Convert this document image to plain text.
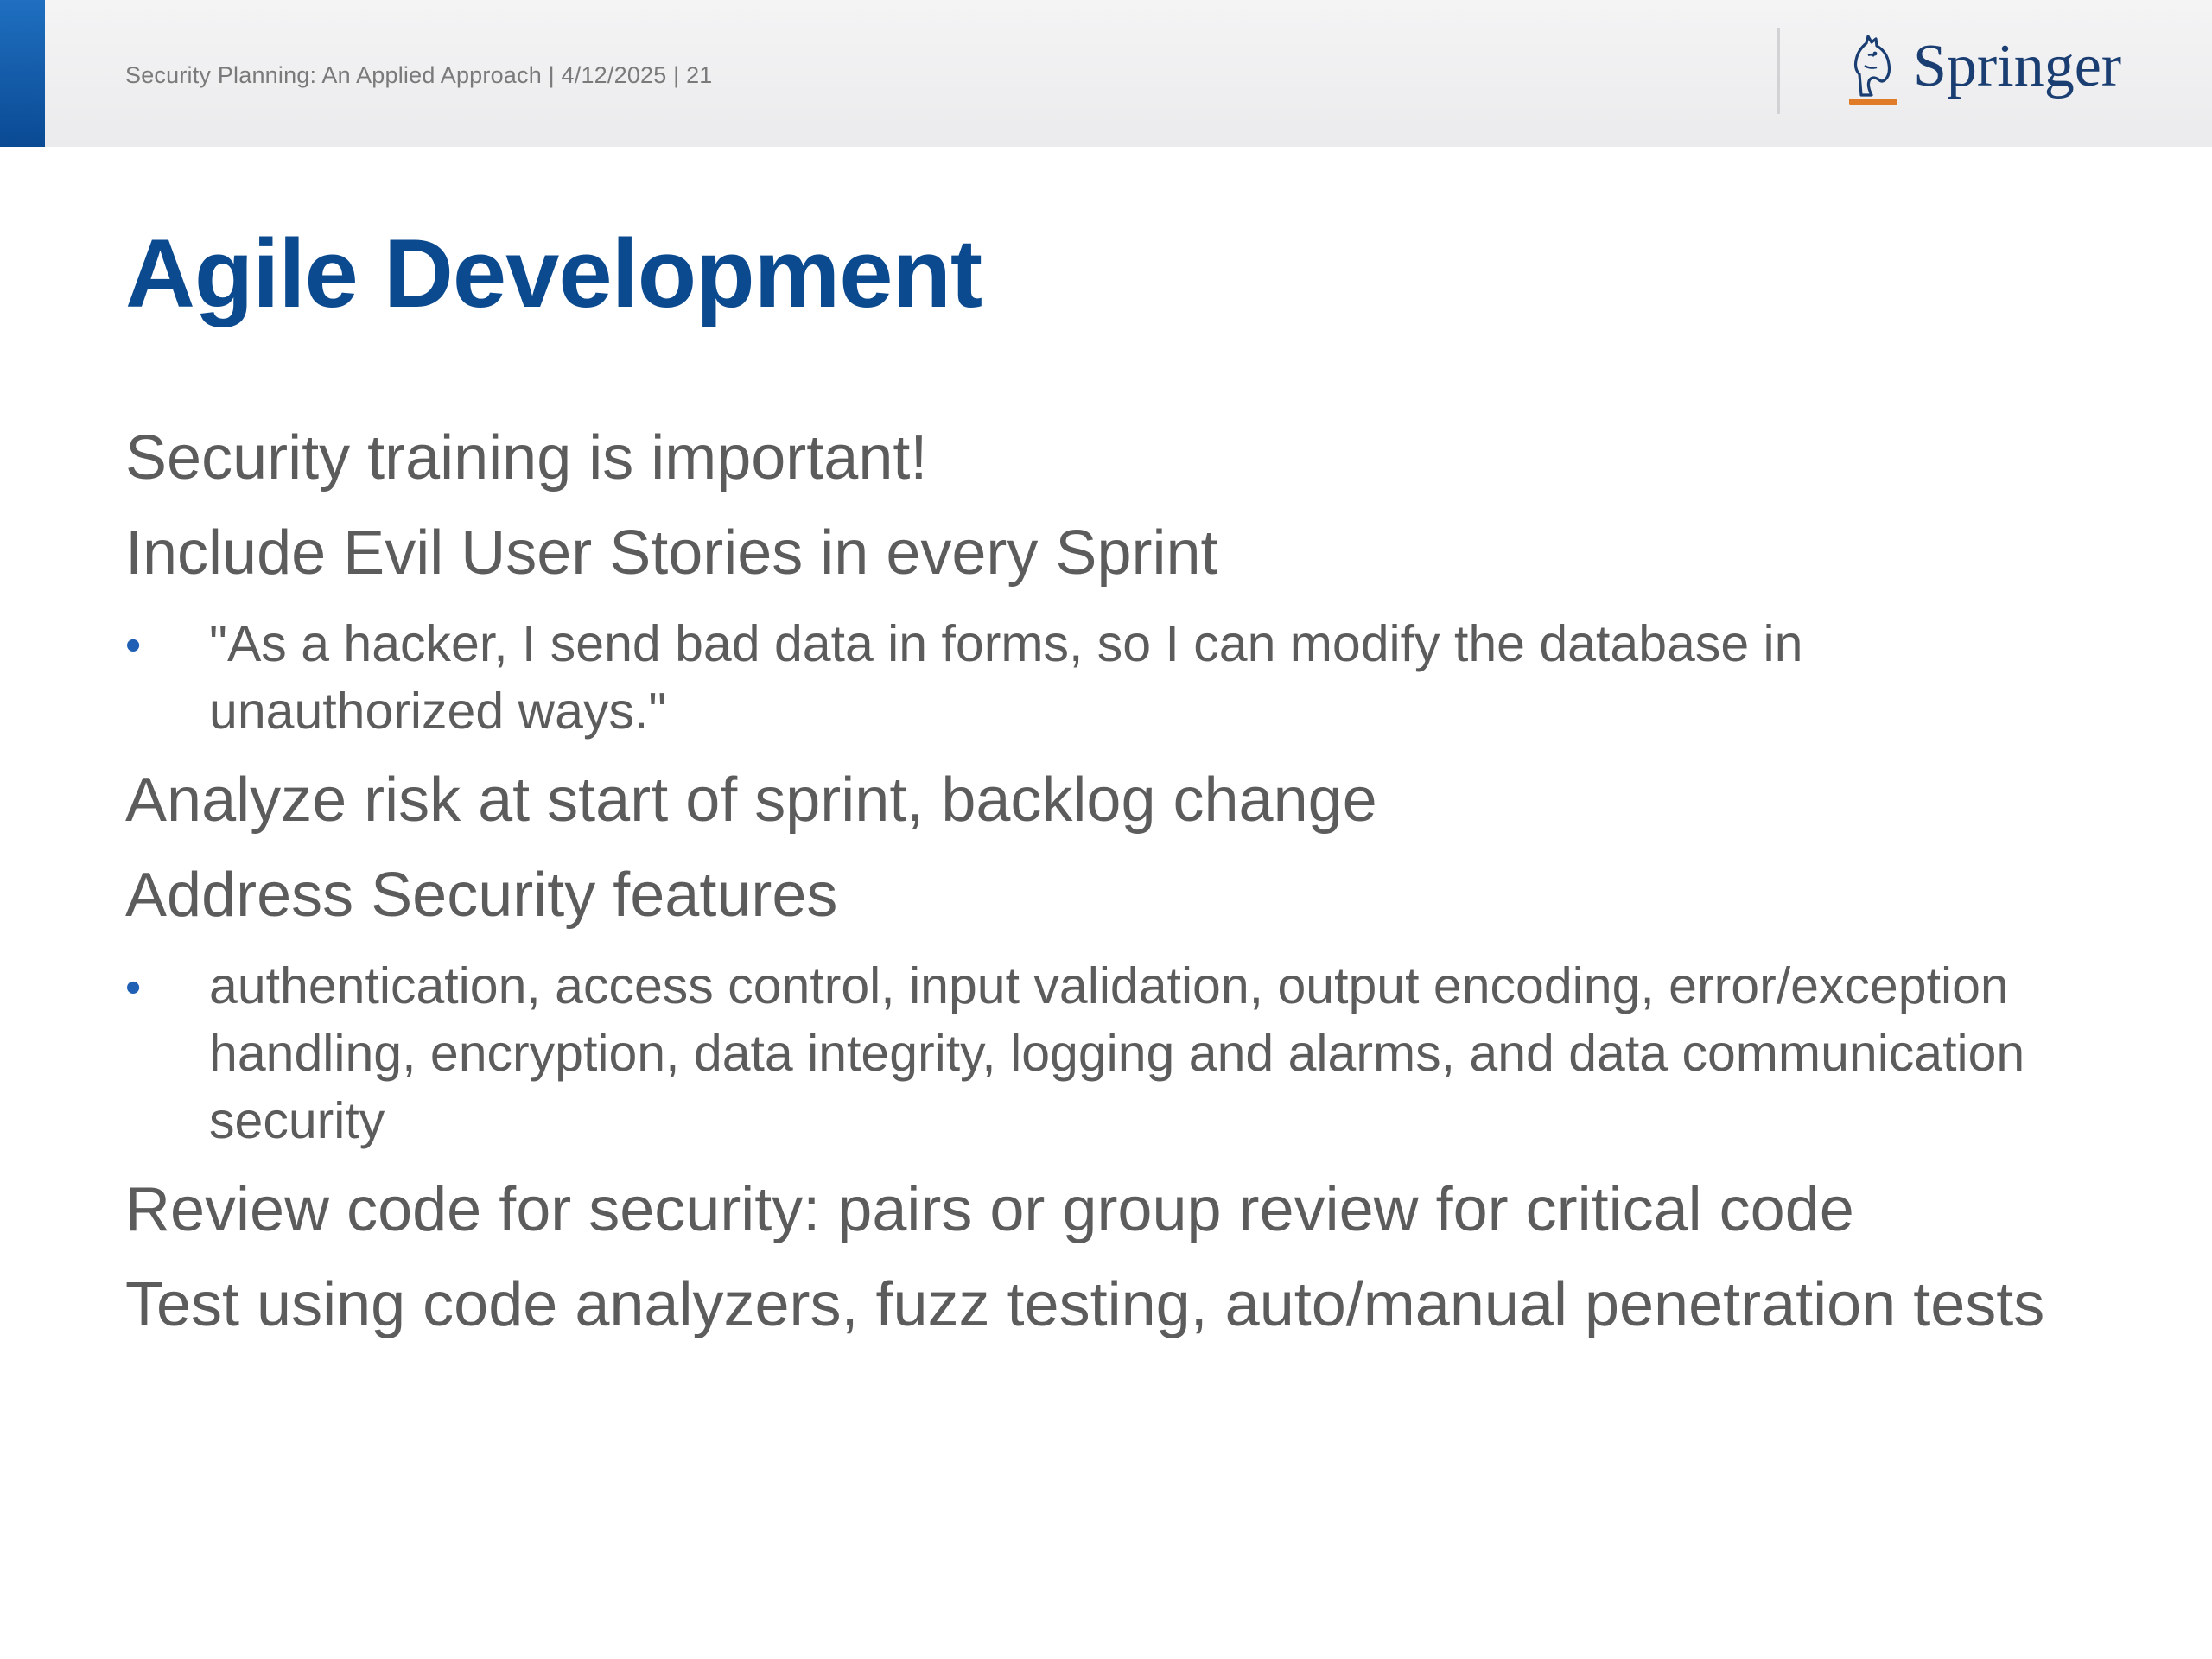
Security Planning: An Applied Approach | 4/12/2025 | 21	Springer
Agile Development

Security training is important!

Include Evil User Stories in every Sprint

• "As a hacker, I send bad data in forms, so I can modify the database in unauthorized ways."

Analyze risk at start of sprint, backlog change

Address Security features

• authentication, access control, input validation, output encoding, error/exception handling, encryption, data integrity, logging and alarms, and data communication security

Review code for security: pairs or group review for critical code

Test using code analyzers, fuzz testing, auto/manual penetration tests
